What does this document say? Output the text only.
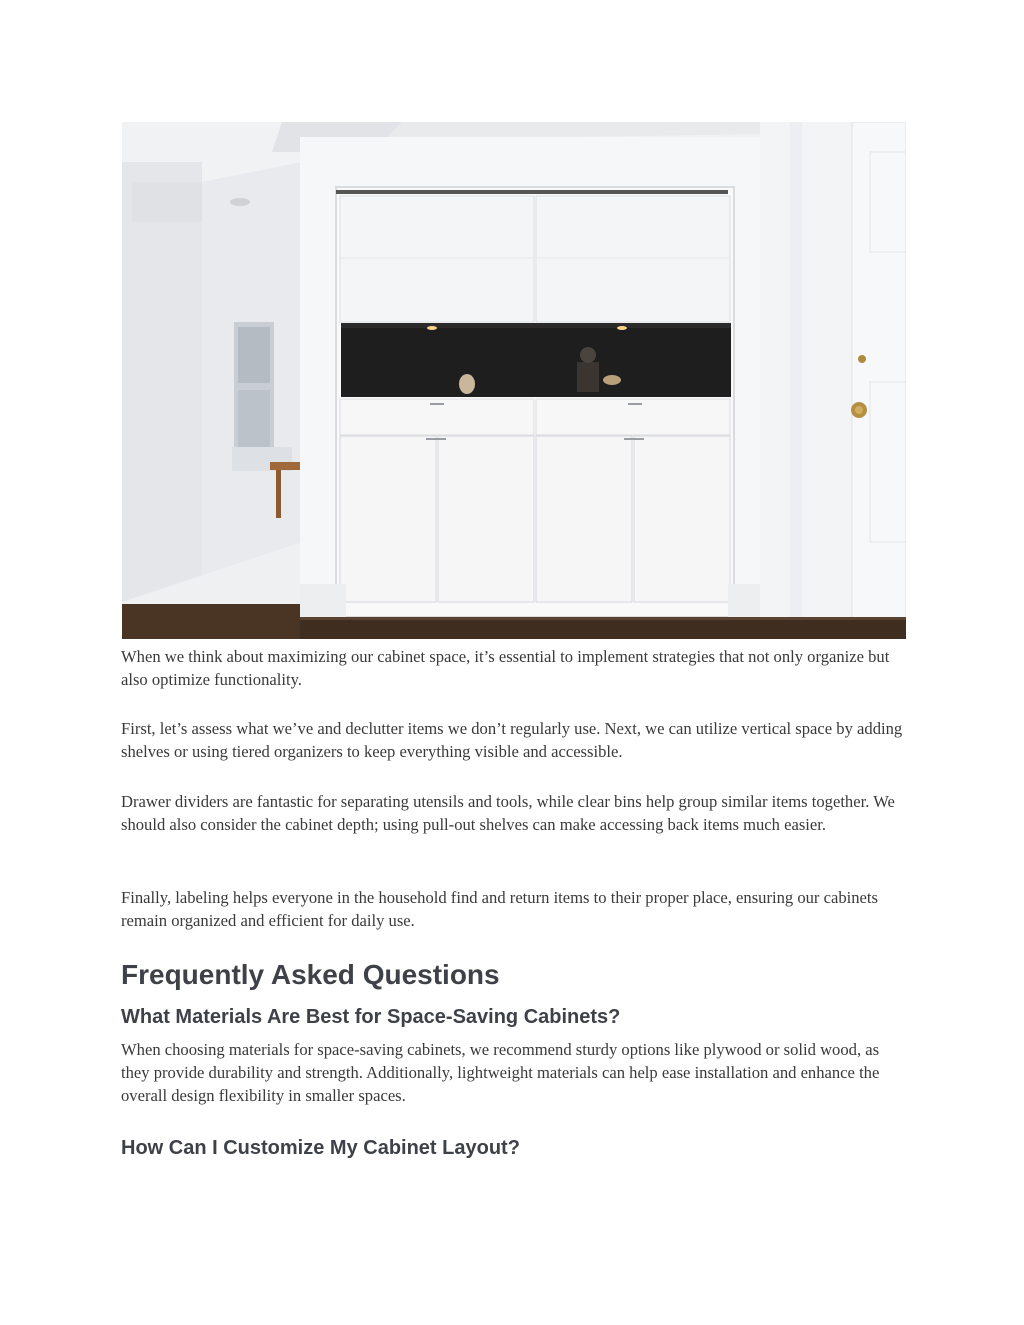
When we think about maximizing our cabinet space, it’s essential to implement strategies that not only organize but also optimize functionality.

First, let’s assess what we’ve and declutter items we don’t regularly use. Next, we can utilize vertical space by adding shelves or using tiered organizers to keep everything visible and accessible.

Drawer dividers are fantastic for separating utensils and tools, while clear bins help group similar items together. We should also consider the cabinet depth; using pull-out shelves can make accessing back items much easier.

Finally, labeling helps everyone in the household find and return items to their proper place, ensuring our cabinets remain organized and efficient for daily use.

Frequently Asked Questions
What Materials Are Best for Space-Saving Cabinets?

When choosing materials for space-saving cabinets, we recommend sturdy options like plywood or solid wood, as they provide durability and strength. Additionally, lightweight materials can help ease installation and enhance the overall design flexibility in smaller spaces.

How Can I Customize My Cabinet Layout?
